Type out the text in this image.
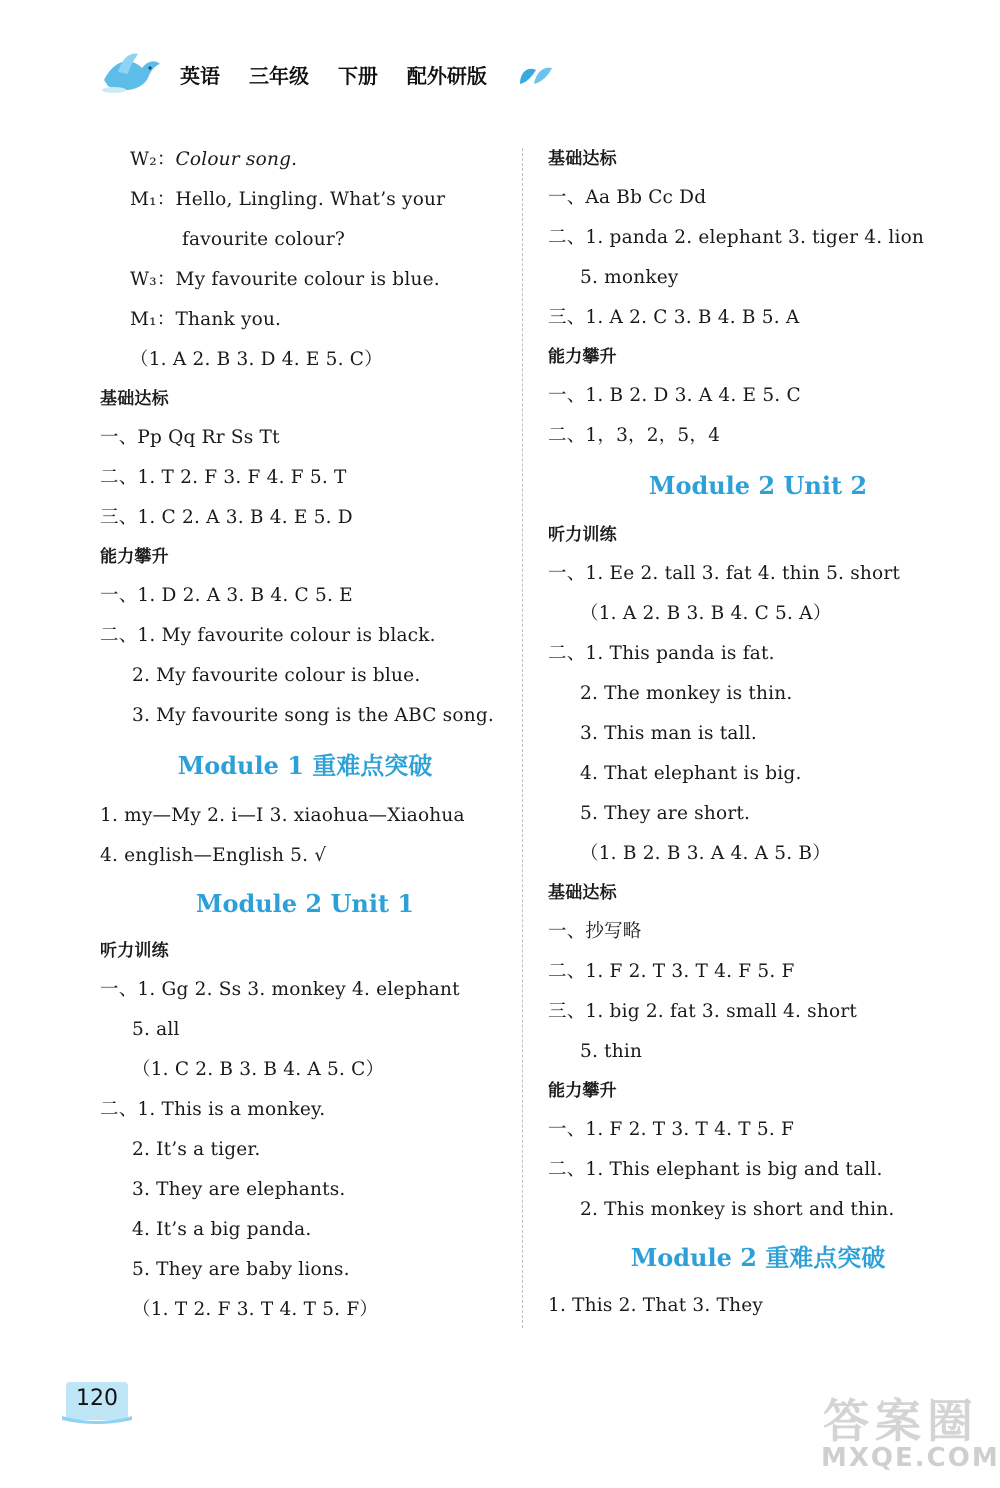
英语 三年级 下册 配外研版
W₂：Colour song.
M₁：Hello, Lingling. What’s your
favourite colour?
W₃：My favourite colour is blue.
M₁：Thank you.
（1. A 2. B 3. D 4. E 5. C）
基础达标
一、Pp Qq Rr Ss Tt
二、1. T 2. F 3. F 4. F 5. T
三、1. C 2. A 3. B 4. E 5. D
能力攀升
一、1. D 2. A 3. B 4. C 5. E
二、1. My favourite colour is black.
2. My favourite colour is blue.
3. My favourite song is the ABC song.
Module 1 重难点突破
1. my—My 2. i—I 3. xiaohua—Xiaohua
4. english—English 5. √
Module 2 Unit 1
听力训练
一、1. Gg 2. Ss 3. monkey 4. elephant
5. all
（1. C 2. B 3. B 4. A 5. C）
二、1. This is a monkey.
2. It’s a tiger.
3. They are elephants.
4. It’s a big panda.
5. They are baby lions.
（1. T 2. F 3. T 4. T 5. F）
基础达标
一、Aa Bb Cc Dd
二、1. panda 2. elephant 3. tiger 4. lion
5. monkey
三、1. A 2. C 3. B 4. B 5. A
能力攀升
一、1. B 2. D 3. A 4. E 5. C
二、1，3，2，5，4
Module 2 Unit 2
听力训练
一、1. Ee 2. tall 3. fat 4. thin 5. short
（1. A 2. B 3. B 4. C 5. A）
二、1. This panda is fat.
2. The monkey is thin.
3. This man is tall.
4. That elephant is big.
5. They are short.
（1. B 2. B 3. A 4. A 5. B）
基础达标
一、抄写略
二、1. F 2. T 3. T 4. F 5. F
三、1. big 2. fat 3. small 4. short
5. thin
能力攀升
一、1. F 2. T 3. T 4. T 5. F
二、1. This elephant is big and tall.
2. This monkey is short and thin.
Module 2 重难点突破
1. This 2. That 3. They
120	答案圈
MXQE.COM
